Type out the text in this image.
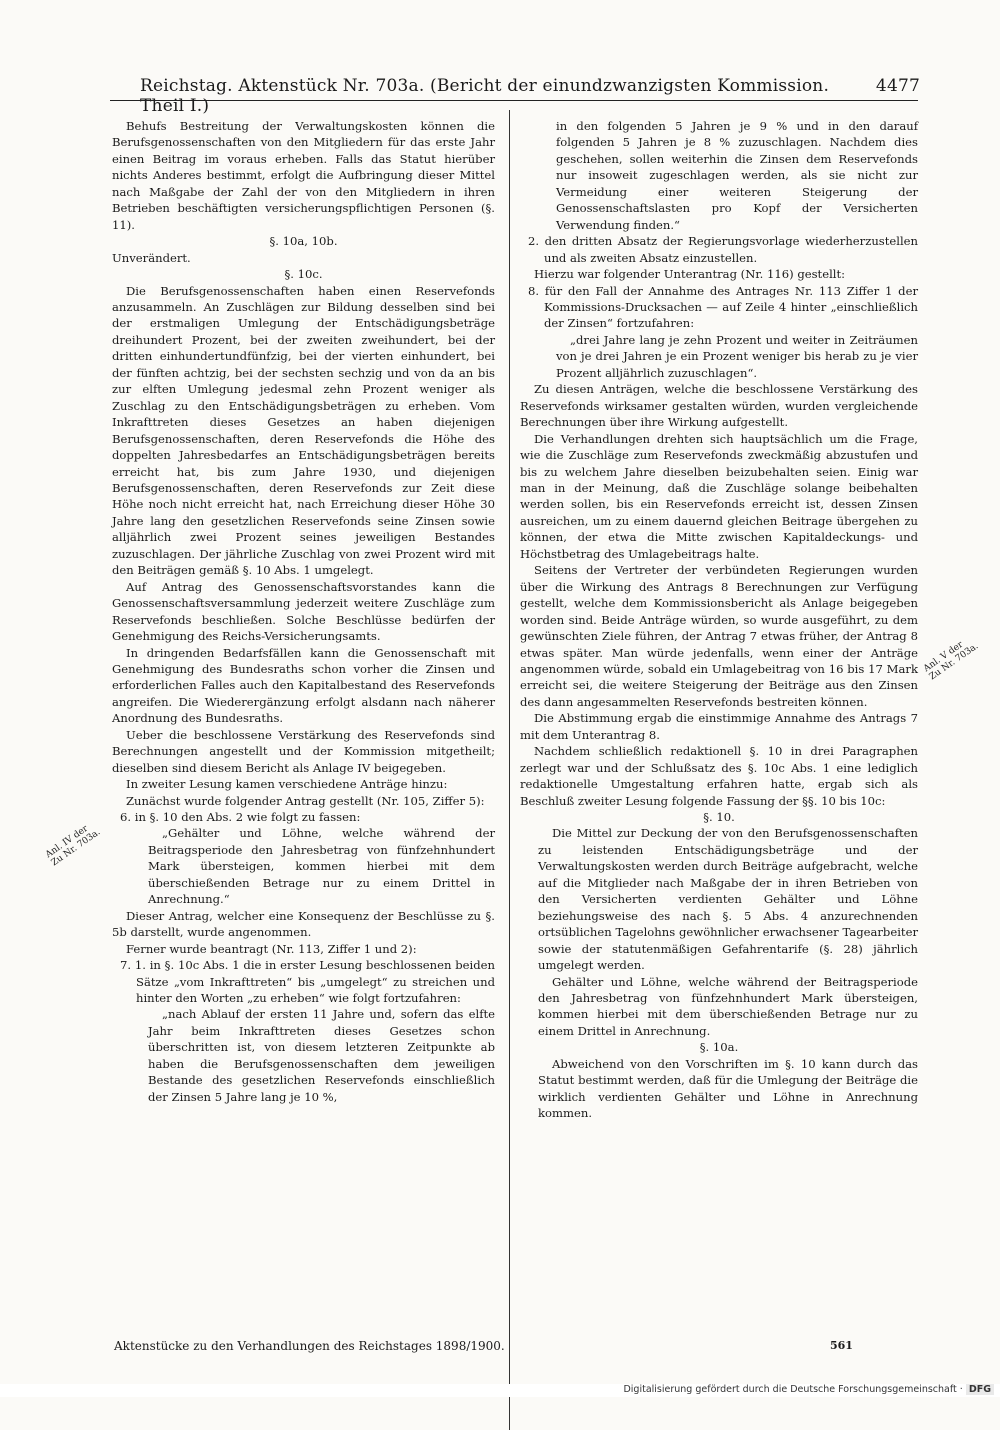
Reichstag. Aktenstück Nr. 703a. (Bericht der einundzwanzigsten Kommission. Theil I.)
4477

Behufs Bestreitung der Verwaltungskosten können die Berufsgenossenschaften von den Mitgliedern für das erste Jahr einen Beitrag im voraus erheben. Falls das Statut hierüber nichts Anderes bestimmt, erfolgt die Aufbringung dieser Mittel nach Maßgabe der Zahl der von den Mitgliedern in ihren Betrieben beschäftigten versicherungspflichtigen Personen (§. 11).

§. 10a, 10b.

Unverändert.

§. 10c.

Die Berufsgenossenschaften haben einen Reservefonds anzusammeln. An Zuschlägen zur Bildung desselben sind bei der erstmaligen Umlegung der Entschädigungsbeträge dreihundert Prozent, bei der zweiten zweihundert, bei der dritten einhundertundfünfzig, bei der vierten einhundert, bei der fünften achtzig, bei der sechsten sechzig und von da an bis zur elften Umlegung jedesmal zehn Prozent weniger als Zuschlag zu den Entschädigungsbeträgen zu erheben. Vom Inkrafttreten dieses Gesetzes an haben diejenigen Berufsgenossenschaften, deren Reservefonds die Höhe des doppelten Jahresbedarfes an Entschädigungsbeträgen bereits erreicht hat, bis zum Jahre 1930, und diejenigen Berufsgenossenschaften, deren Reservefonds zur Zeit diese Höhe noch nicht erreicht hat, nach Erreichung dieser Höhe 30 Jahre lang den gesetzlichen Reservefonds seine Zinsen sowie alljährlich zwei Prozent seines jeweiligen Bestandes zuzuschlagen. Der jährliche Zuschlag von zwei Prozent wird mit den Beiträgen gemäß §. 10 Abs. 1 umgelegt.

Auf Antrag des Genossenschaftsvorstandes kann die Genossenschaftsversammlung jederzeit weitere Zuschläge zum Reservefonds beschließen. Solche Beschlüsse bedürfen der Genehmigung des Reichs-Versicherungsamts.

In dringenden Bedarfsfällen kann die Genossenschaft mit Genehmigung des Bundesraths schon vorher die Zinsen und erforderlichen Falles auch den Kapitalbestand des Reservefonds angreifen. Die Wiederergänzung erfolgt alsdann nach näherer Anordnung des Bundesraths.

Ueber die beschlossene Verstärkung des Reservefonds sind Berechnungen angestellt und der Kommission mitgetheilt; dieselben sind diesem Bericht als Anlage IV beigegeben.

In zweiter Lesung kamen verschiedene Anträge hinzu:

Zunächst wurde folgender Antrag gestellt (Nr. 105, Ziffer 5):

6. in §. 10 den Abs. 2 wie folgt zu fassen:

„Gehälter und Löhne, welche während der Beitragsperiode den Jahresbetrag von fünfzehnhundert Mark übersteigen, kommen hierbei mit dem überschießenden Betrage nur zu einem Drittel in Anrechnung.“

Dieser Antrag, welcher eine Konsequenz der Beschlüsse zu §. 5b darstellt, wurde angenommen.

Ferner wurde beantragt (Nr. 113, Ziffer 1 und 2):

7. 1. in §. 10c Abs. 1 die in erster Lesung beschlossenen beiden Sätze „vom Inkrafttreten“ bis „umgelegt“ zu streichen und hinter den Worten „zu erheben“ wie folgt fortzufahren:

„nach Ablauf der ersten 11 Jahre und, sofern das elfte Jahr beim Inkrafttreten dieses Gesetzes schon überschritten ist, von diesem letzteren Zeitpunkte ab haben die Berufsgenossenschaften dem jeweiligen Bestande des gesetzlichen Reservefonds einschließlich der Zinsen 5 Jahre lang je 10 %,

in den folgenden 5 Jahren je 9 % und in den darauf folgenden 5 Jahren je 8 % zuzuschlagen. Nachdem dies geschehen, sollen weiterhin die Zinsen dem Reservefonds nur insoweit zugeschlagen werden, als sie nicht zur Vermeidung einer weiteren Steigerung der Genossenschaftslasten pro Kopf der Versicherten Verwendung finden.“

2. den dritten Absatz der Regierungsvorlage wiederherzustellen und als zweiten Absatz einzustellen.

Hierzu war folgender Unterantrag (Nr. 116) gestellt:

8. für den Fall der Annahme des Antrages Nr. 113 Ziffer 1 der Kommissions-Drucksachen — auf Zeile 4 hinter „einschließlich der Zinsen“ fortzufahren:

„drei Jahre lang je zehn Prozent und weiter in Zeiträumen von je drei Jahren je ein Prozent weniger bis herab zu je vier Prozent alljährlich zuzuschlagen“.

Zu diesen Anträgen, welche die beschlossene Verstärkung des Reservefonds wirksamer gestalten würden, wurden vergleichende Berechnungen über ihre Wirkung aufgestellt.

Die Verhandlungen drehten sich hauptsächlich um die Frage, wie die Zuschläge zum Reservefonds zweckmäßig abzustufen und bis zu welchem Jahre dieselben beizubehalten seien. Einig war man in der Meinung, daß die Zuschläge solange beibehalten werden sollen, bis ein Reservefonds erreicht ist, dessen Zinsen ausreichen, um zu einem dauernd gleichen Beitrage übergehen zu können, der etwa die Mitte zwischen Kapitaldeckungs- und Höchstbetrag des Umlagebeitrags halte.

Seitens der Vertreter der verbündeten Regierungen wurden über die Wirkung des Antrags 8 Berechnungen zur Verfügung gestellt, welche dem Kommissionsbericht als Anlage beigegeben worden sind. Beide Anträge würden, so wurde ausgeführt, zu dem gewünschten Ziele führen, der Antrag 7 etwas früher, der Antrag 8 etwas später. Man würde jedenfalls, wenn einer der Anträge angenommen würde, sobald ein Umlagebeitrag von 16 bis 17 Mark erreicht sei, die weitere Steigerung der Beiträge aus den Zinsen des dann angesammelten Reservefonds bestreiten können.

Die Abstimmung ergab die einstimmige Annahme des Antrags 7 mit dem Unterantrag 8.

Nachdem schließlich redaktionell §. 10 in drei Paragraphen zerlegt war und der Schlußsatz des §. 10c Abs. 1 eine lediglich redaktionelle Umgestaltung erfahren hatte, ergab sich als Beschluß zweiter Lesung folgende Fassung der §§. 10 bis 10c:

§. 10.

Die Mittel zur Deckung der von den Berufsgenossenschaften zu leistenden Entschädigungsbeträge und der Verwaltungskosten werden durch Beiträge aufgebracht, welche auf die Mitglieder nach Maßgabe der in ihren Betrieben von den Versicherten verdienten Gehälter und Löhne beziehungsweise des nach §. 5 Abs. 4 anzurechnenden ortsüblichen Tagelohns gewöhnlicher erwachsener Tagearbeiter sowie der statutenmäßigen Gefahrentarife (§. 28) jährlich umgelegt werden.

Gehälter und Löhne, welche während der Beitragsperiode den Jahresbetrag von fünfzehnhundert Mark übersteigen, kommen hierbei mit dem überschießenden Betrage nur zu einem Drittel in Anrechnung.

§. 10a.

Abweichend von den Vorschriften im §. 10 kann durch das Statut bestimmt werden, daß für die Umlegung der Beiträge die wirklich verdienten Gehälter und Löhne in Anrechnung kommen.

Anl. IV der Zu Nr. 703a.
Anl. V der Zu Nr. 703a.
Aktenstücke zu den Verhandlungen des Reichstages 1898/1900.	561
Digitalisierung gefördert durch die Deutsche Forschungsgemeinschaft · DFG
